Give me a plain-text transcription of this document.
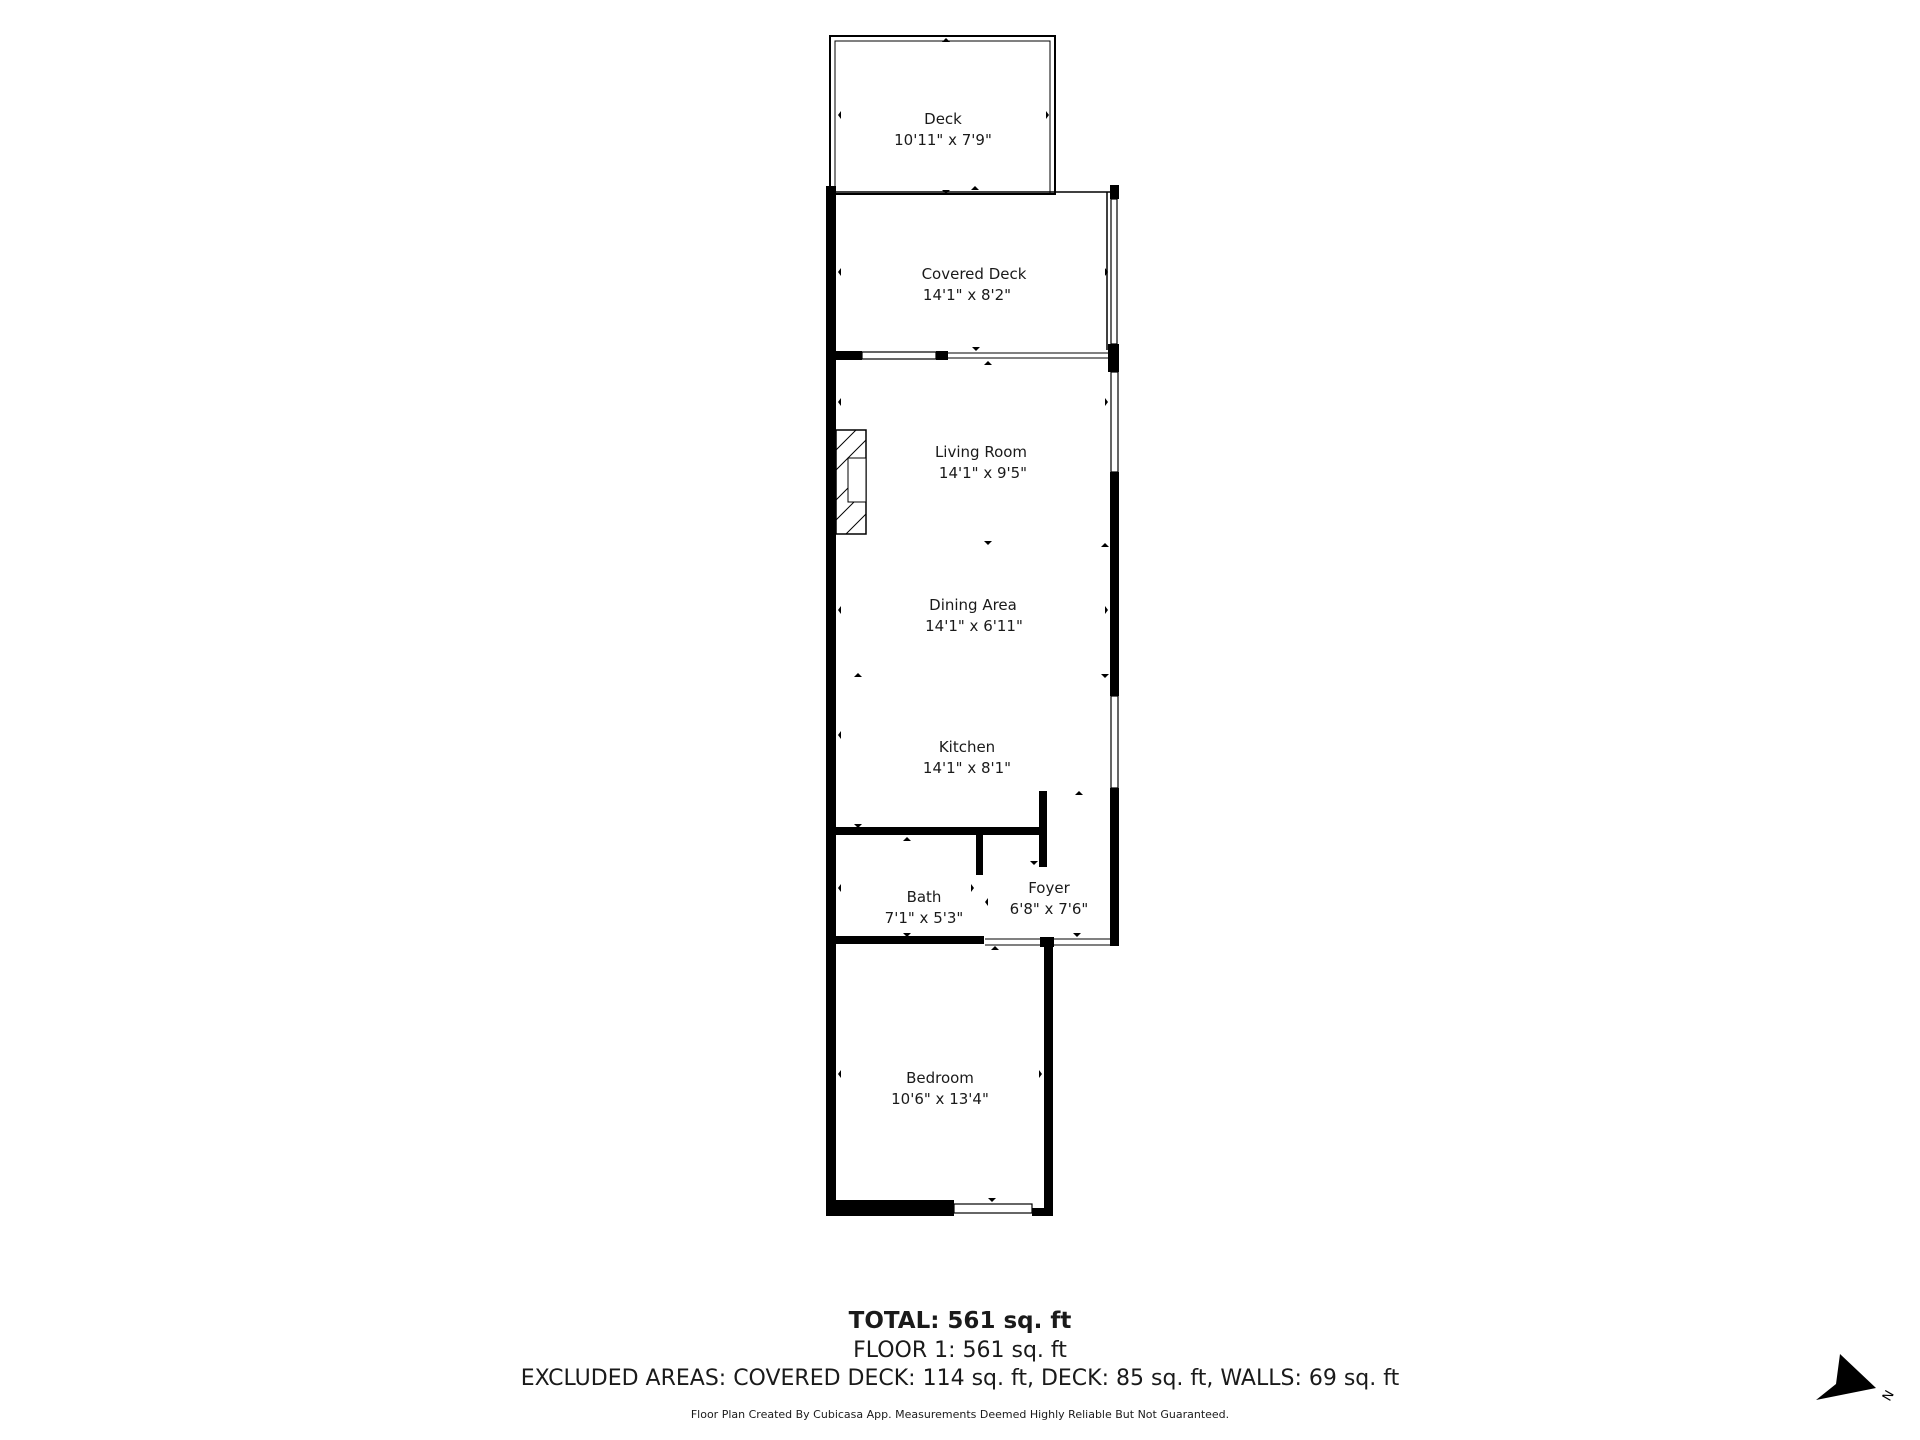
Deck
10'11" x 7'9"
Covered Deck
14'1" x 8'2"
Living Room
14'1" x 9'5"
Dining Area
14'1" x 6'11"
Kitchen
14'1" x 8'1"
Bath
7'1" x 5'3"
Foyer
6'8" x 7'6"
Bedroom
10'6" x 13'4"
TOTAL: 561 sq. ft
FLOOR 1: 561 sq. ft
EXCLUDED AREAS: COVERED DECK: 114 sq. ft, DECK: 85 sq. ft, WALLS: 69 sq. ft
Floor Plan Created By Cubicasa App. Measurements Deemed Highly Reliable But Not Guaranteed.
N
